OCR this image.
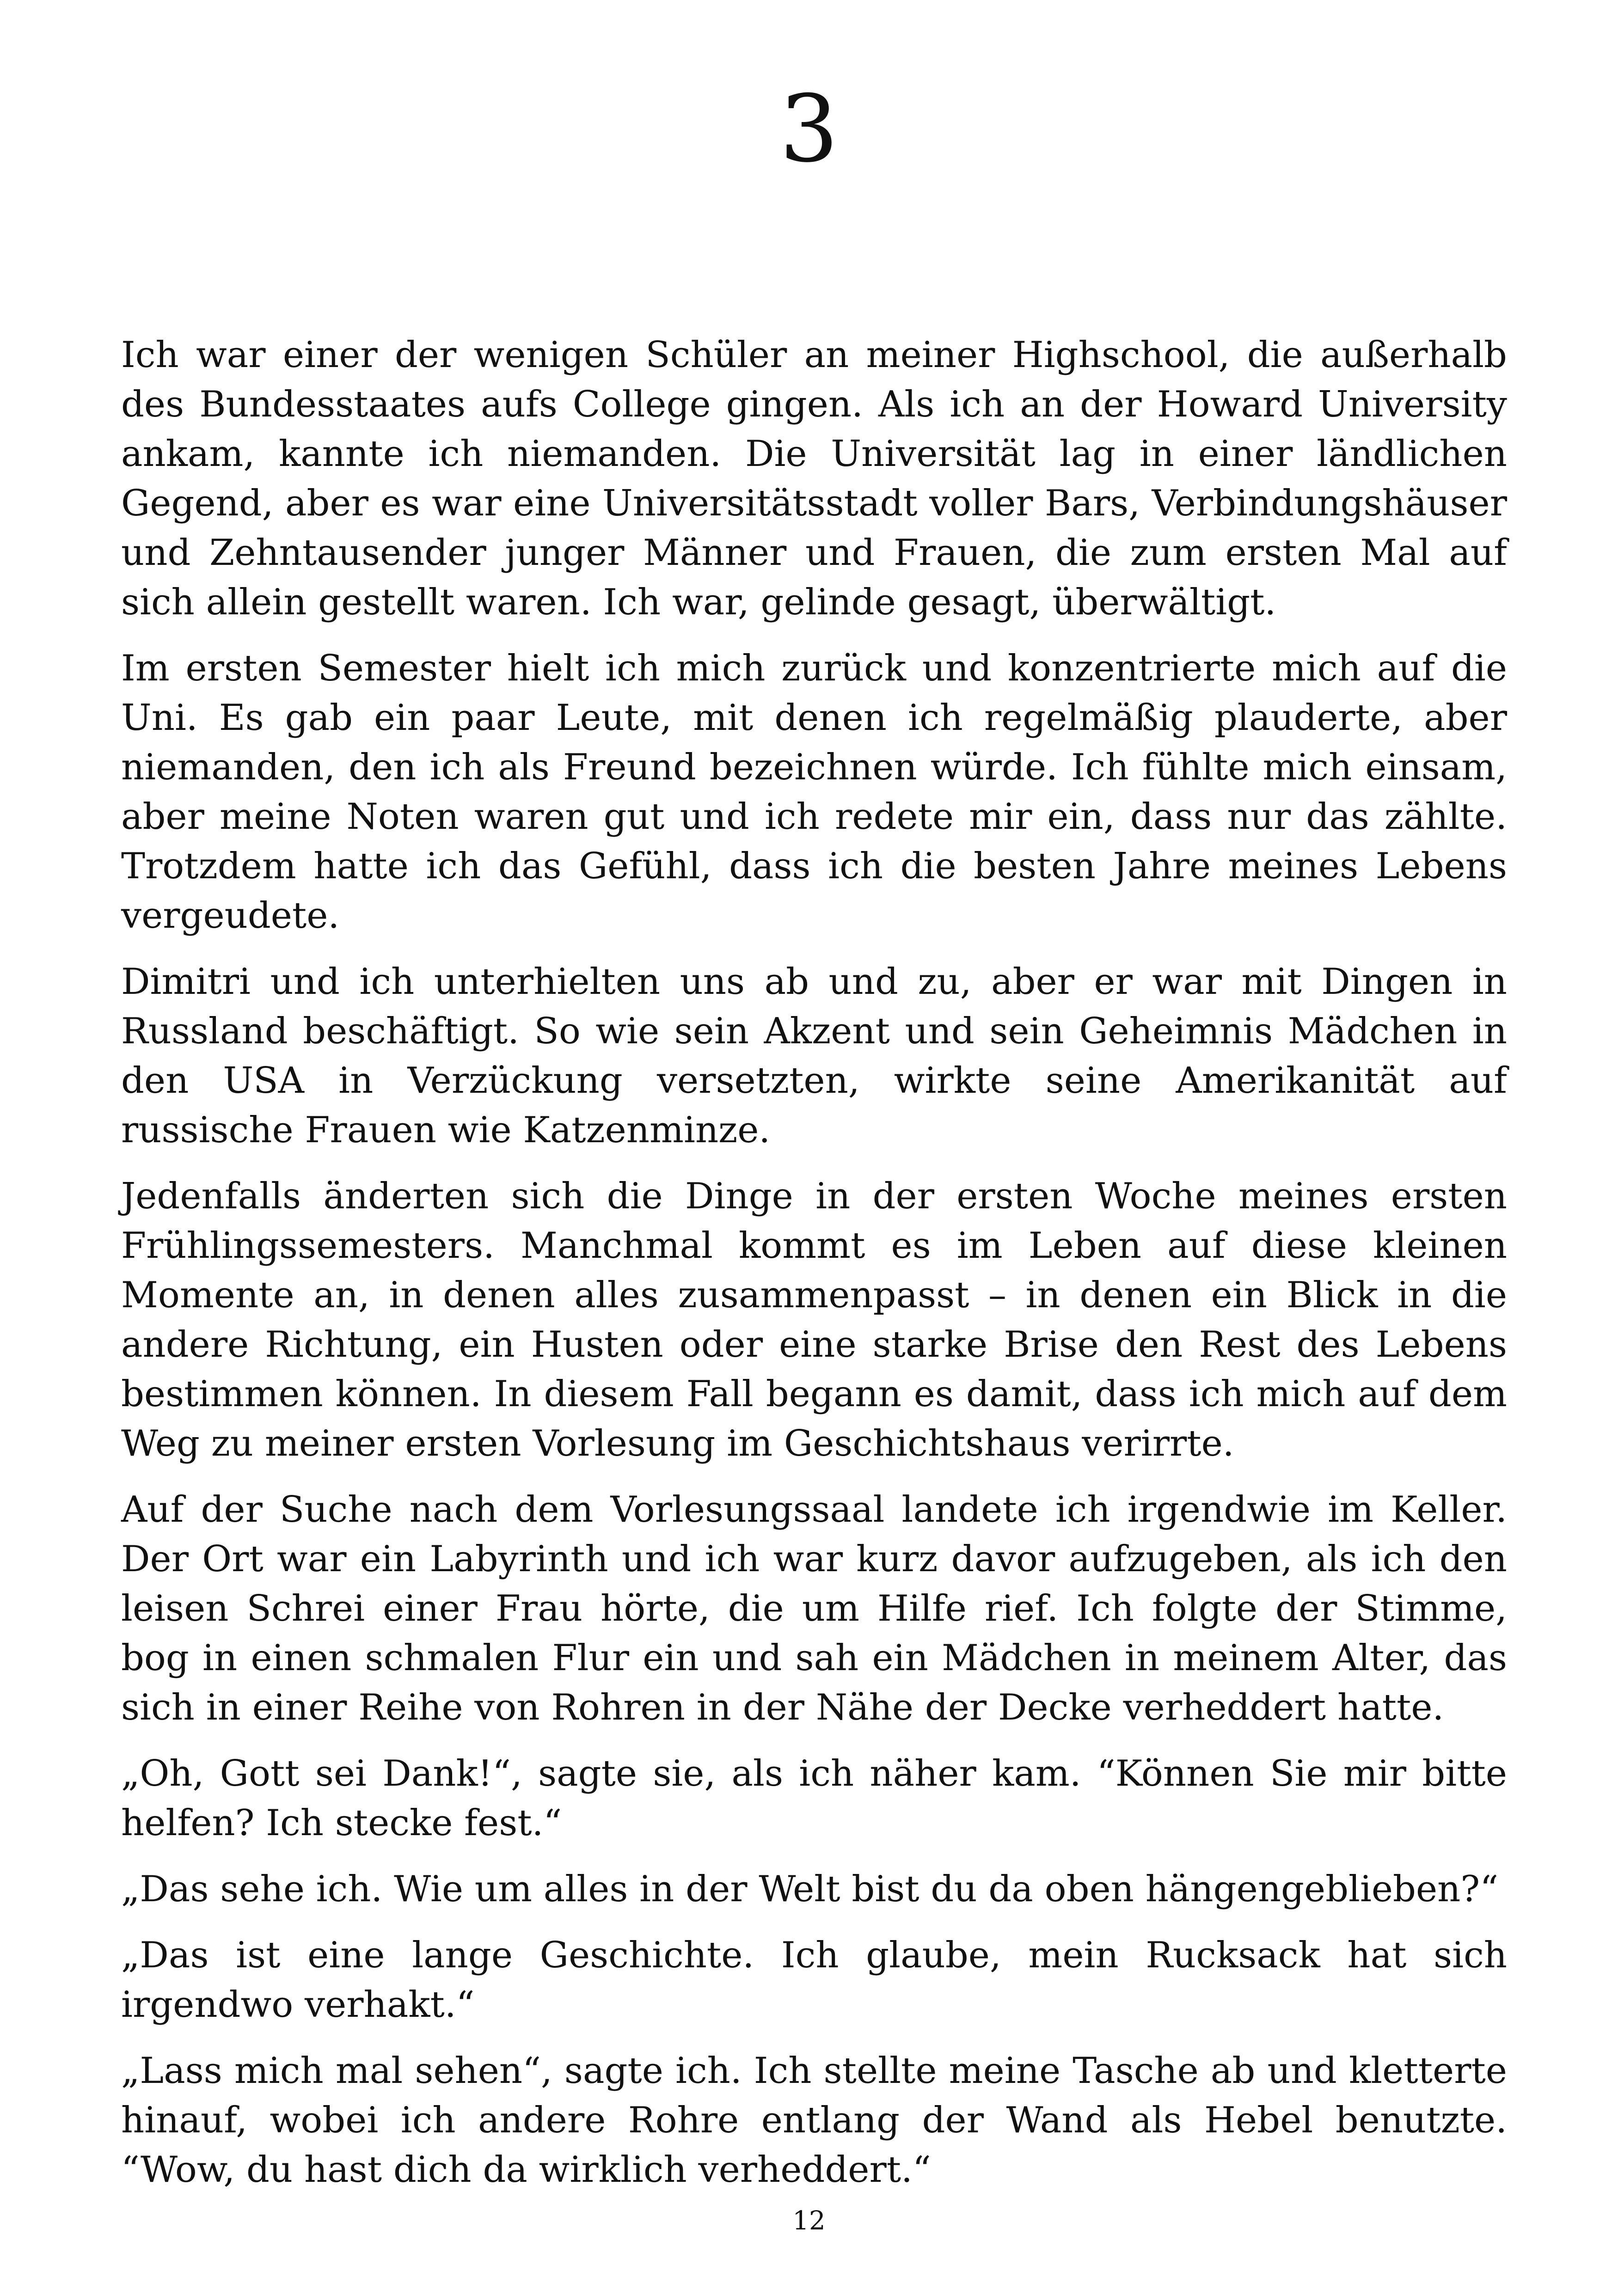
3

Ich war einer der wenigen Schüler an meiner Highschool, die außerhalb des Bundesstaates aufs College gingen. Als ich an der Howard University ankam, kannte ich niemanden. Die Universität lag in einer ländlichen Gegend, aber es war eine Universitätsstadt voller Bars, Verbindungshäuser und Zehntausender junger Männer und Frauen, die zum ersten Mal auf sich allein gestellt waren. Ich war, gelinde gesagt, überwältigt.

Im ersten Semester hielt ich mich zurück und konzentrierte mich auf die Uni. Es gab ein paar Leute, mit denen ich regelmäßig plauderte, aber niemanden, den ich als Freund bezeichnen würde. Ich fühlte mich einsam, aber meine Noten waren gut und ich redete mir ein, dass nur das zählte. Trotzdem hatte ich das Gefühl, dass ich die besten Jahre meines Lebens vergeudete.

Dimitri und ich unterhielten uns ab und zu, aber er war mit Dingen in Russland beschäftigt. So wie sein Akzent und sein Geheimnis Mädchen in den USA in Verzückung versetzten, wirkte seine Amerikanität auf russische Frauen wie Katzenminze.

Jedenfalls änderten sich die Dinge in der ersten Woche meines ersten Frühlingssemesters. Manchmal kommt es im Leben auf diese kleinen Momente an, in denen alles zusammenpasst – in denen ein Blick in die andere Richtung, ein Husten oder eine starke Brise den Rest des Lebens bestimmen können. In diesem Fall begann es damit, dass ich mich auf dem Weg zu meiner ersten Vorlesung im Geschichtshaus verirrte.

Auf der Suche nach dem Vorlesungssaal landete ich irgendwie im Keller. Der Ort war ein Labyrinth und ich war kurz davor aufzugeben, als ich den leisen Schrei einer Frau hörte, die um Hilfe rief. Ich folgte der Stimme, bog in einen schmalen Flur ein und sah ein Mädchen in meinem Alter, das sich in einer Reihe von Rohren in der Nähe der Decke verheddert hatte.

„Oh, Gott sei Dank!“, sagte sie, als ich näher kam. “Können Sie mir bitte helfen? Ich stecke fest.“

„Das sehe ich. Wie um alles in der Welt bist du da oben hängengeblieben?“

„Das ist eine lange Geschichte. Ich glaube, mein Rucksack hat sich irgendwo verhakt.“

„Lass mich mal sehen“, sagte ich. Ich stellte meine Tasche ab und kletterte hinauf, wobei ich andere Rohre entlang der Wand als Hebel benutzte. “Wow, du hast dich da wirklich verheddert.“

12
